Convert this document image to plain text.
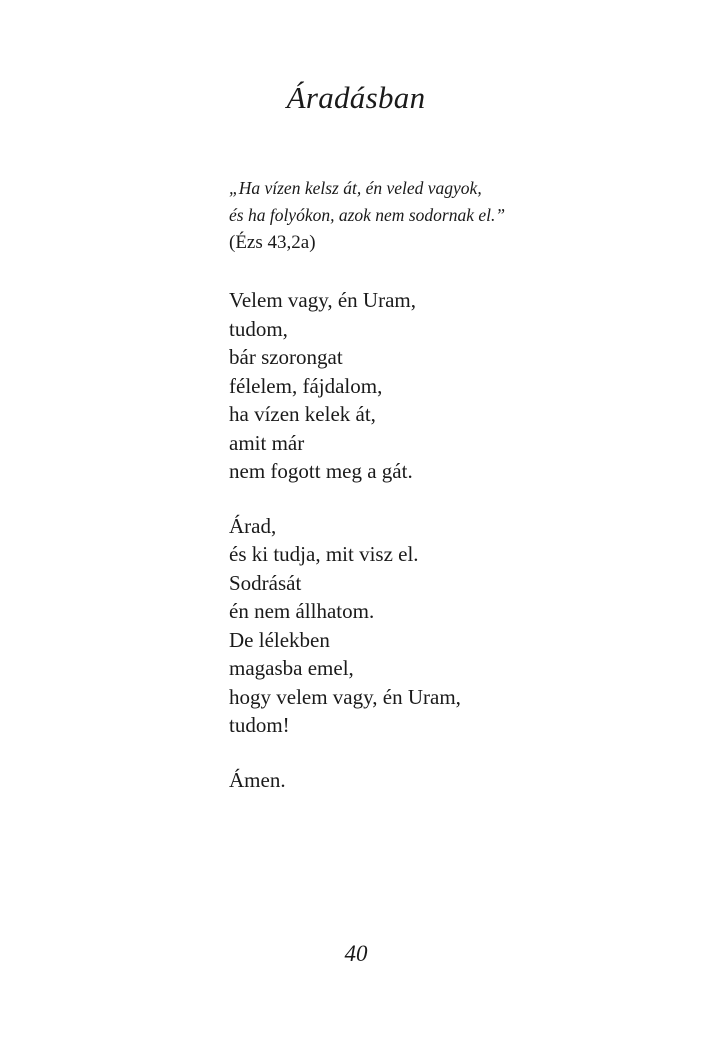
Áradásban
„Ha vízen kelsz át, én veled vagyok,
és ha folyókon, azok nem sodornak el.”
(Ézs 43,2a)
Velem vagy, én Uram,
tudom,
bár szorongat
félelem, fájdalom,
ha vízen kelek át,
amit már
nem fogott meg a gát.
Árad,
és ki tudja, mit visz el.
Sodrását
én nem állhatom.
De lélekben
magasba emel,
hogy velem vagy, én Uram,
tudom!
Ámen.
40
